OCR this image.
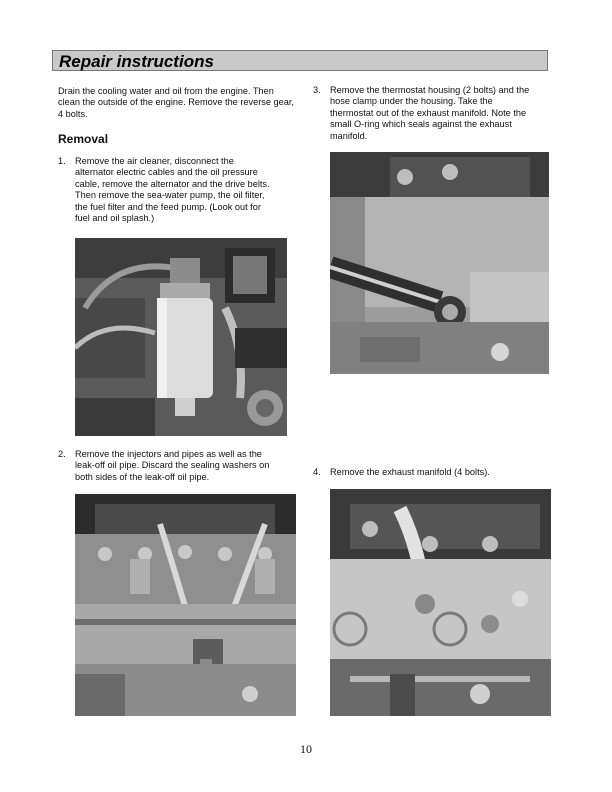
Repair instructions

Drain the cooling water and oil from the engine. Then clean the outside of the engine. Remove the reverse gear, 4 bolts.

Removal

1. Remove the air cleaner, disconnect the
alternator electric cables and the oil pressure
cable, remove the alternator and the drive belts.
Then remove the sea-water pump, the oil filter,
the fuel filter and the feed pump. (Look out for
fuel and oil splash.)
2. Remove the injectors and pipes as well as the
leak-off oil pipe. Discard the sealing washers on
both sides of the leak-off oil pipe.
3. Remove the thermostat housing (2 bolts) and the
hose clamp under the housing. Take the
thermostat out of the exhaust manifold. Note the
small O-ring which seals against the exhaust
manifold.
4. Remove the exhaust manifold (4 bolts).
10
